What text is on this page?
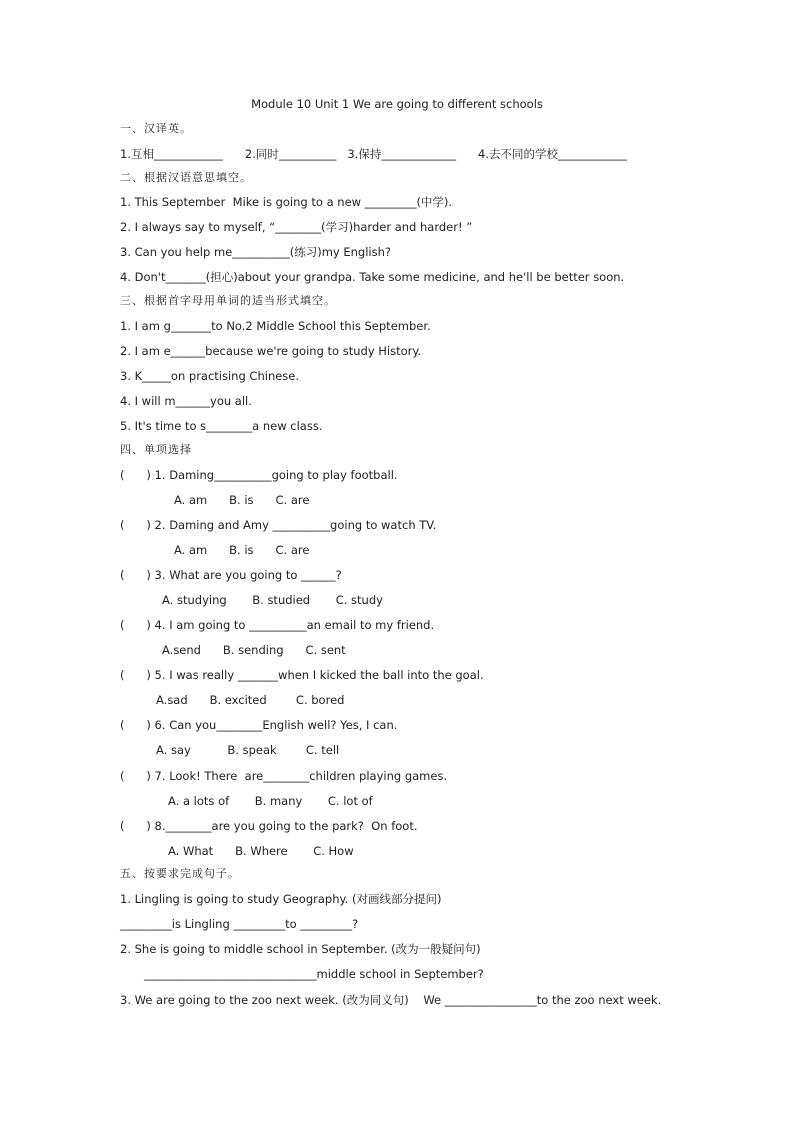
Module 10 Unit 1 We are going to different schools
一、汉译英。
1.互相____________      2.同时__________   3.保持_____________      4.去不同的学校____________
二、根据汉语意思填空。
1. This September  Mike is going to a new _________(中学).
2. I always say to myself, “________(学习)harder and harder! ”
3. Can you help me__________(练习)my English?
4. Don't_______(担心)about your grandpa. Take some medicine, and he'll be better soon.
三、根据首字母用单词的适当形式填空。
1. I am g_______to No.2 Middle School this September.
2. I am e______because we're going to study History.
3. K_____on practising Chinese.
4. I will m______you all.
5. It's time to s________a new class.
四、单项选择
(      ) 1. Daming__________going to play football.
A. am      B. is      C. are
(      ) 2. Daming and Amy __________going to watch TV.
A. am      B. is      C. are
(      ) 3. What are you going to ______?
A. studying       B. studied       C. study
(      ) 4. I am going to __________an email to my friend.
A.send      B. sending      C. sent
(      ) 5. I was really _______when I kicked the ball into the goal.
A.sad      B. excited        C. bored
(      ) 6. Can you________English well? Yes, I can.
A. say          B. speak        C. tell
(      ) 7. Look! There  are________children playing games.
A. a lots of       B. many       C. lot of
(      ) 8.________are you going to the park?  On foot.
A. What      B. Where       C. How
五、按要求完成句子。
1. Lingling is going to study Geography. (对画线部分提问)
_________is Lingling _________to _________?
2. She is going to middle school in September. (改为一般疑问句)
______________________________middle school in September?
3. We are going to the zoo next week. (改为同义句)    We ________________to the zoo next week.
